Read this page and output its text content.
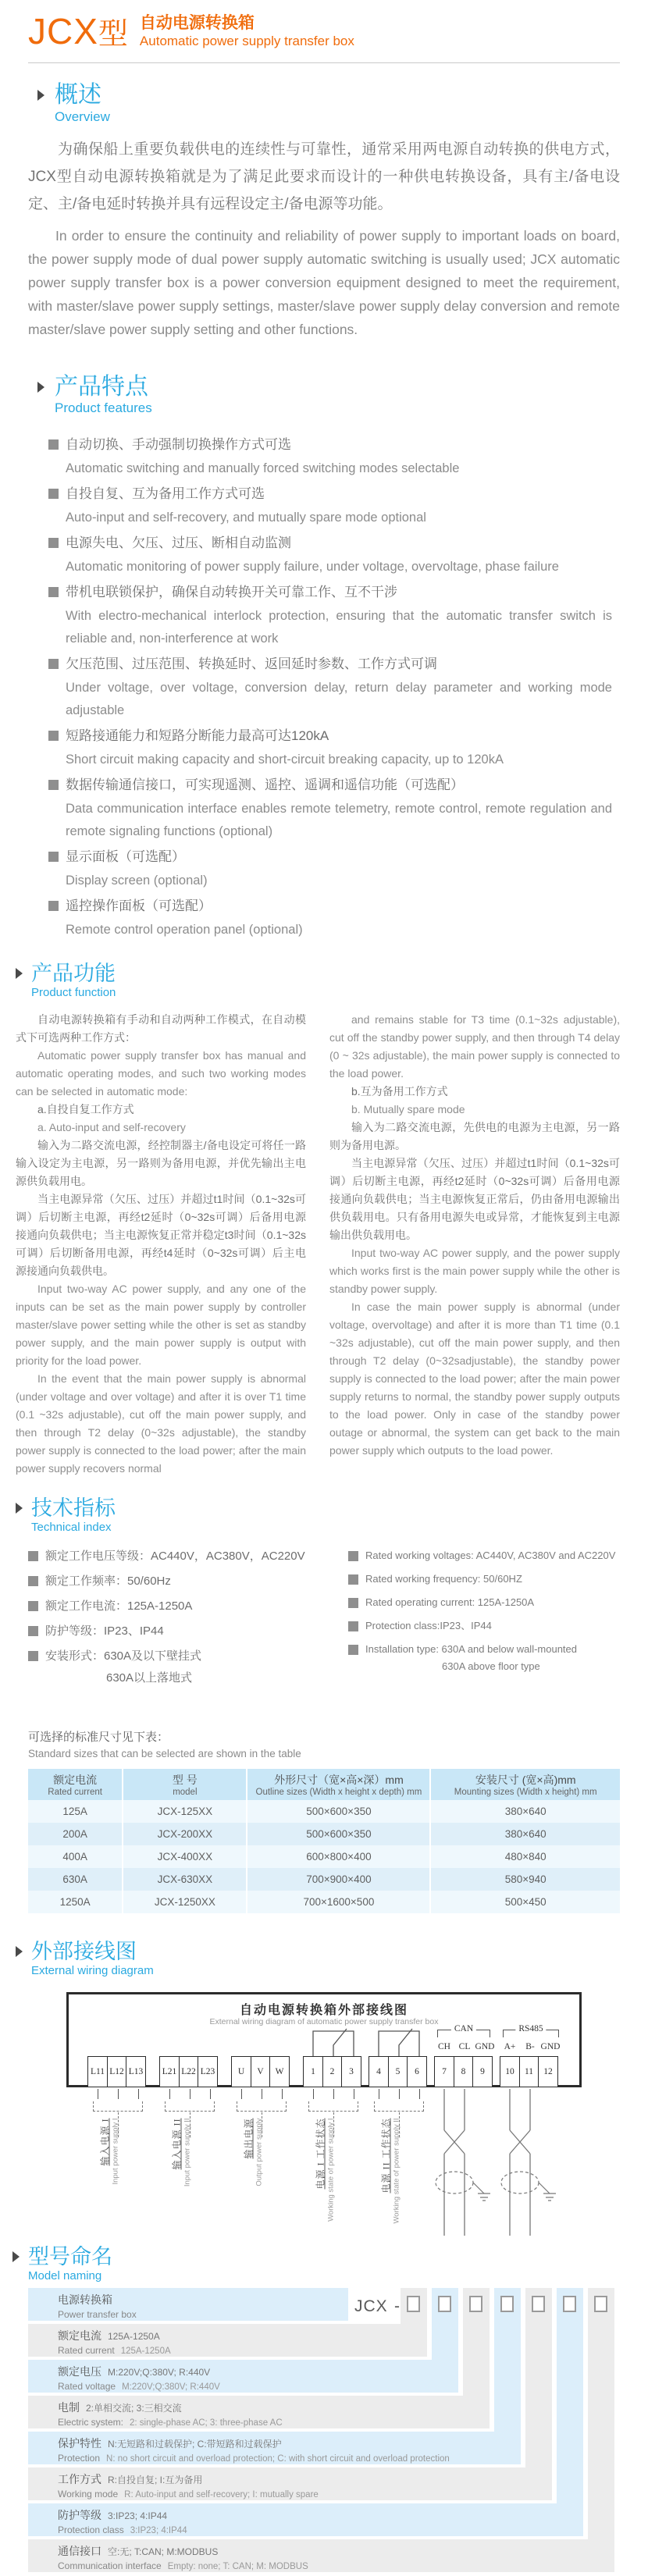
JCX型 自动电源转换箱
Automatic power supply transfer box
概述
Overview

为确保船上重要负载供电的连续性与可靠性，通常采用两电源自动转换的供电方式，JCX型自动电源转换箱就是为了满足此要求而设计的一种供电转换设备，具有主/备电设定、主/备电延时转换并具有远程设定主/备电源等功能。

In order to ensure the continuity and reliability of power supply to important loads on board, the power supply mode of dual power supply automatic switching is usually used; JCX automatic power supply transfer box is a power conversion equipment designed to meet the requirement, with master/slave power supply settings, master/slave power supply delay conversion and remote master/slave power supply setting and other functions.

产品特点
Product features
自动切换、手动强制切换操作方式可选
Automatic switching and manually forced switching modes selectable
自投自复、互为备用工作方式可选
Auto-input and self-recovery, and mutually spare mode optional
电源失电、欠压、过压、断相自动监测
Automatic monitoring of power supply failure, under voltage, overvoltage, phase failure
带机电联锁保护，确保自动转换开关可靠工作、互不干涉
With electro-mechanical interlock protection, ensuring that the automatic transfer switch is reliable and, non-interference at work
欠压范围、过压范围、转换延时、返回延时参数、工作方式可调
Under voltage, over voltage, conversion delay, return delay parameter and working mode adjustable
短路接通能力和短路分断能力最高可达120kA
Short circuit making capacity and short-circuit breaking capacity, up to 120kA
数据传输通信接口，可实现遥测、遥控、遥调和遥信功能（可选配）
Data communication interface enables remote telemetry, remote control, remote regulation and remote signaling functions (optional)
显示面板（可选配）
Display screen (optional)
遥控操作面板（可选配）
Remote control operation panel (optional)
产品功能
Product function

自动电源转换箱有手动和自动两种工作模式，在自动模式下可选两种工作方式：

Automatic power supply transfer box has manual and automatic operating modes, and such two working modes can be selected in automatic mode:

a.自投自复工作方式

a. Auto-input and self-recovery

输入为二路交流电源，经控制器主/备电设定可将任一路输入设定为主电源，另一路则为备用电源，并优先输出主电源供负载用电。

当主电源异常（欠压、过压）并超过t1时间（0.1~32s可调）后切断主电源，再经t2延时（0~32s可调）后备用电源接通向负载供电；当主电源恢复正常并稳定t3时间（0.1~32s可调）后切断备用电源，再经t4延时（0~32s可调）后主电源接通向负载供电。

Input two-way AC power supply, and any one of the inputs can be set as the main power supply by controller master/slave power setting while the other is set as standby power supply, and the main power supply is output with priority for the load power.

In the event that the main power supply is abnormal (under voltage and over voltage) and after it is over T1 time (0.1 ~32s adjustable), cut off the main power supply, and then through T2 delay (0~32s adjustable), the standby power supply is connected to the load power; after the main power supply recovers normal

and remains stable for T3 time (0.1~32s adjustable), cut off the standby power supply, and then through T4 delay (0 ~ 32s adjustable), the main power supply is connected to the load power.

b.互为备用工作方式

b. Mutually spare mode

输入为二路交流电源，先供电的电源为主电源，另一路则为备用电源。

当主电源异常（欠压、过压）并超过t1时间（0.1~32s可调）后切断主电源，再经t2延时（0~32s可调）后备用电源接通向负载供电；当主电源恢复正常后，仍由备用电源输出供负载用电。只有备用电源失电或异常，才能恢复到主电源输出供负载用电。

Input two-way AC power supply, and the power supply which works first is the main power supply while the other is standby power supply.

In case the main power supply is abnormal (under voltage, overvoltage) and after it is more than T1 time (0.1 ~32s adjustable), cut off the main power supply, and then through T2 delay (0~32sadjustable), the standby power supply is connected to the load power; after the main power supply returns to normal, the standby power supply outputs to the load power. Only in case of the standby power outage or abnormal, the system can get back to the main power supply which outputs to the load power.

技术指标
Technical index
额定工作电压等级：AC440V，AC380V，AC220V
额定工作频率：50/60Hz
额定工作电流：125A-1250A
防护等级：IP23、IP44
安装形式：630A及以下壁挂式
630A以上落地式
Rated working voltages: AC440V, AC380V and AC220V
Rated working frequency: 50/60HZ
Rated operating current: 125A-1250A
Protection class:IP23、IP44
Installation type: 630A and below wall-mounted
630A above floor type
可选择的标准尺寸见下表：
Standard sizes that can be selected are shown in the table
额定电流
Rated current

型 号
model

外形尺寸（宽×高×深）mm
Outline sizes (Width x height x depth) mm

安装尺寸 (宽×高)mm
Mounting sizes (Width x height) mm

125A	JCX-125XX	500×600×350	380×640
200A	JCX-200XX	500×600×350	380×640
400A	JCX-400XX	600×800×400	480×840
630A	JCX-630XX	700×900×400	580×940
1250A	JCX-1250XX	700×1600×500	500×450
外部接线图
External wiring diagram
自动电源转换箱外部接线图
External wiring diagram of automatic power supply transfer box
CAN	RS485
CH CL GND A+ B- GND
L11 L12 L13	L21 L22 L23	U	V	W	1	2	3	4	5	6	7	8	9	10	11	12
输入电源 I Input power supply I	输入电源 II Input power supply II	输出电源 Output power supply	电源 I 工作状态 Working state of power supply I	电源 II 工作状态 Working state of power supply II
型号命名
Model naming
JCX -
电源转换箱
Power transfer box
额定电流 125A-1250A
Rated current 125A-1250A
额定电压 M:220V;Q:380V; R:440V
Rated voltage M:220V;Q:380V; R:440V
电制 2:单相交流; 3:三相交流
Electric system: 2: single-phase AC; 3: three-phase AC
保护特性 N:无短路和过载保护; C:带短路和过载保护
Protection N: no short circuit and overload protection; C: with short circuit and overload protection
工作方式 R:自投自复; I:互为备用
Working mode R: Auto-input and self-recovery; I: mutually spare
防护等级 3:IP23; 4:IP44
Protection class 3:IP23; 4:IP44
通信接口 空:无; T:CAN; M:MODBUS
Communication interface Empty: none; T: CAN; M: MODBUS
